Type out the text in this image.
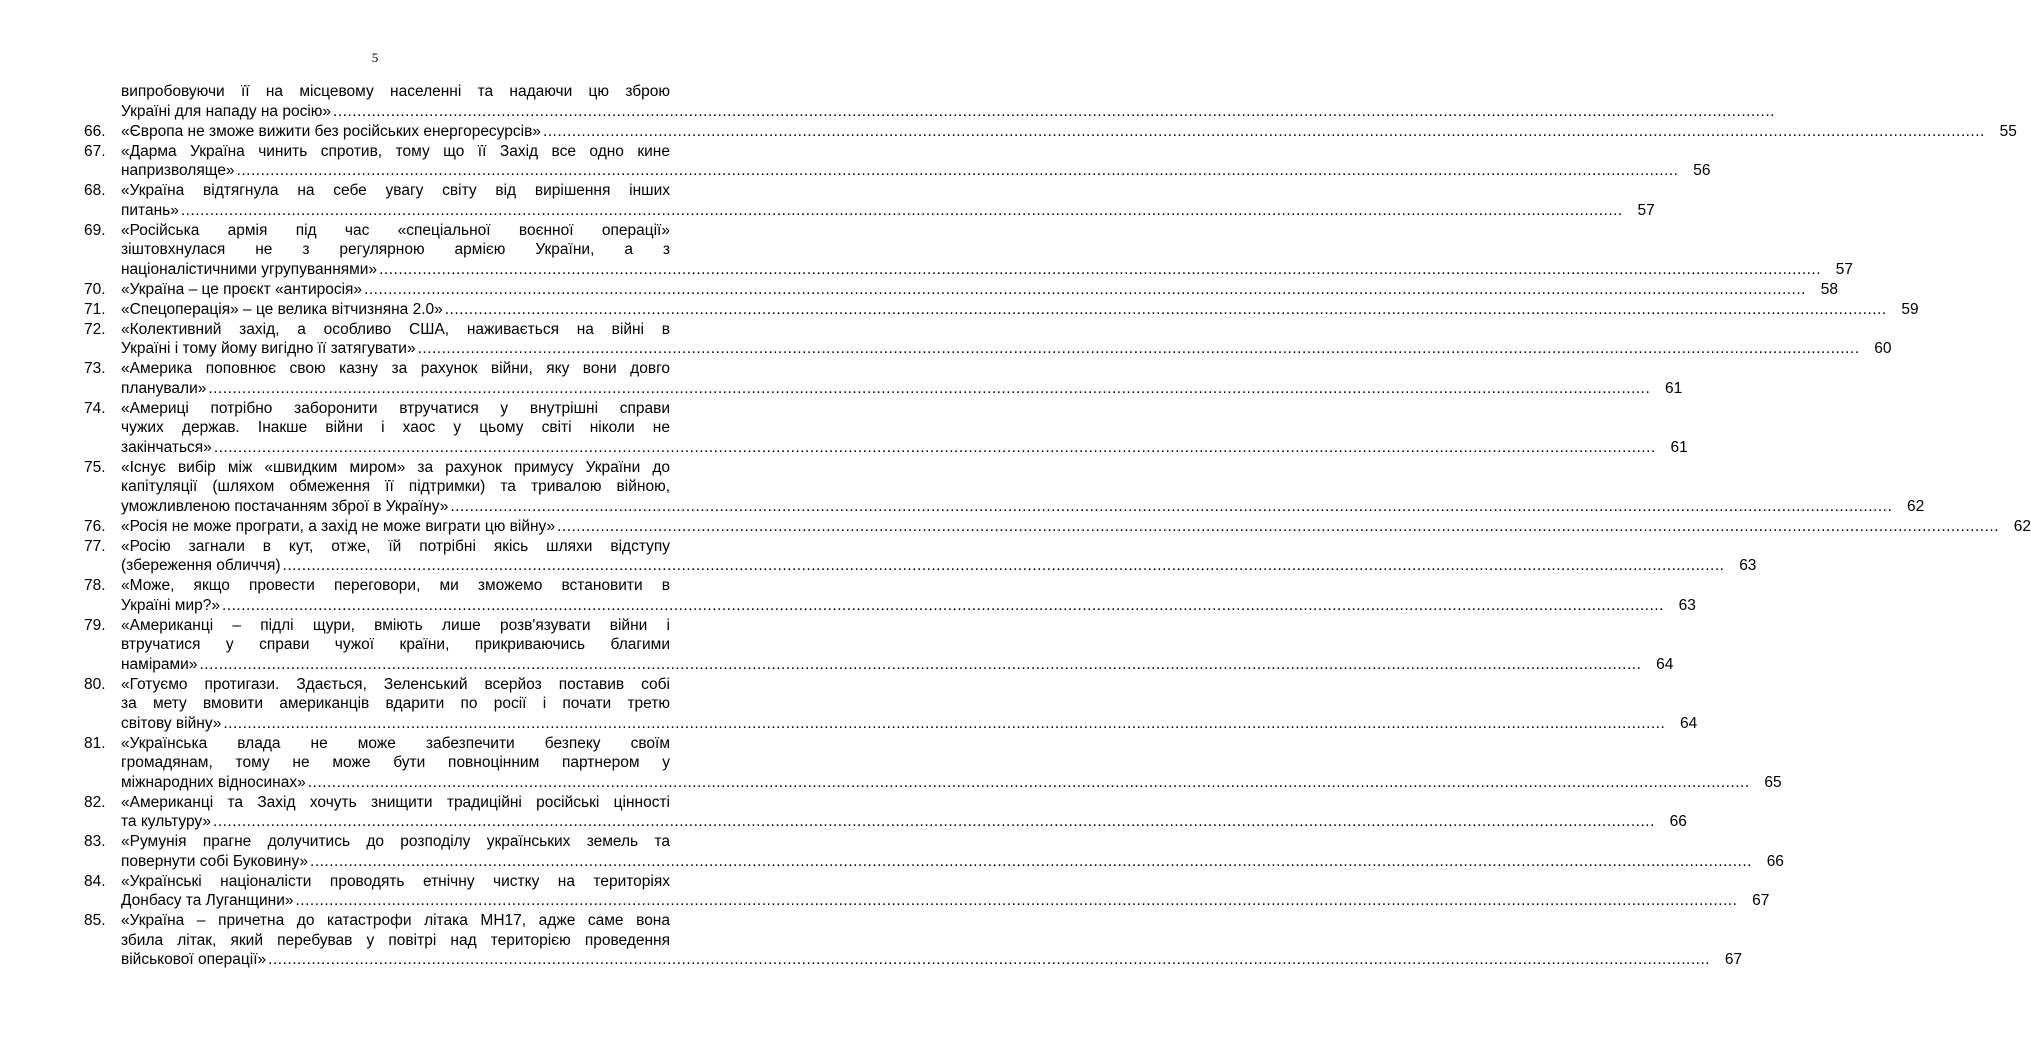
5
випробовуючи її на місцевому населенні та надаючи цю зброю
Україні для нападу на росію» ............................................................................................................................................................................................................................................................................................................
66. «Європа не зможе вижити без російських енергоресурсів» ............................................................................................................................................................................................................................................................................................................ 55
67. «Дарма Україна чинить спротив, тому що її Захід все одно кине
напризволяще» ............................................................................................................................................................................................................................................................................................................ 56
68. «Україна відтягнула на себе увагу світу від вирішення інших
питань» ............................................................................................................................................................................................................................................................................................................ 57
69. «Російська армія під час «спеціальної воєнної операції»
зіштовхнулася не з регулярною армією України, а з
націоналістичними угрупуваннями» ............................................................................................................................................................................................................................................................................................................ 57
70. «Україна – це проєкт «антиросія» ............................................................................................................................................................................................................................................................................................................ 58
71. «Спецоперація» – це велика вітчизняна 2.0» ............................................................................................................................................................................................................................................................................................................ 59
72. «Колективний захід, а особливо США, наживається на війні в
Україні і тому йому вигідно її затягувати» ............................................................................................................................................................................................................................................................................................................ 60
73. «Америка поповнює свою казну за рахунок війни, яку вони довго
планували» ............................................................................................................................................................................................................................................................................................................ 61
74. «Америці потрібно заборонити втручатися у внутрішні справи
чужих держав. Інакше війни і хаос у цьому світі ніколи не
закінчаться» ............................................................................................................................................................................................................................................................................................................ 61
75. «Існує вибір між «швидким миром» за рахунок примусу України до
капітуляції (шляхом обмеження її підтримки) та тривалою війною,
уможливленою постачанням зброї в Україну» ............................................................................................................................................................................................................................................................................................................ 62
76. «Росія не може програти, а захід не може виграти цю війну» ............................................................................................................................................................................................................................................................................................................ 62
77. «Росію загнали в кут, отже, їй потрібні якісь шляхи відступу
(збереження обличчя) ............................................................................................................................................................................................................................................................................................................ 63
78. «Може, якщо провести переговори, ми зможемо встановити в
Україні мир?» ............................................................................................................................................................................................................................................................................................................ 63
79. «Американці – підлі щури, вміють лише розв'язувати війни і
втручатися у справи чужої країни, прикриваючись благими
намірами» ............................................................................................................................................................................................................................................................................................................ 64
80. «Готуємо протигази. Здається, Зеленський всерйоз поставив собі
за мету вмовити американців вдарити по росії і почати третю
світову війну» ............................................................................................................................................................................................................................................................................................................ 64
81. «Українська влада не може забезпечити безпеку своїм
громадянам, тому не може бути повноцінним партнером у
міжнародних відносинах» ............................................................................................................................................................................................................................................................................................................ 65
82. «Американці та Захід хочуть знищити традиційні російські цінності
та культуру» ............................................................................................................................................................................................................................................................................................................ 66
83. «Румунія прагне долучитись до розподілу українських земель та
повернути собі Буковину» ............................................................................................................................................................................................................................................................................................................ 66
84. «Українські націоналісти проводять етнічну чистку на територіях
Донбасу та Луганщини» ............................................................................................................................................................................................................................................................................................................ 67
85. «Україна – причетна до катастрофи літака MH17, адже саме вона
збила літак, який перебував у повітрі над територією проведення
військової операції» ............................................................................................................................................................................................................................................................................................................ 67
